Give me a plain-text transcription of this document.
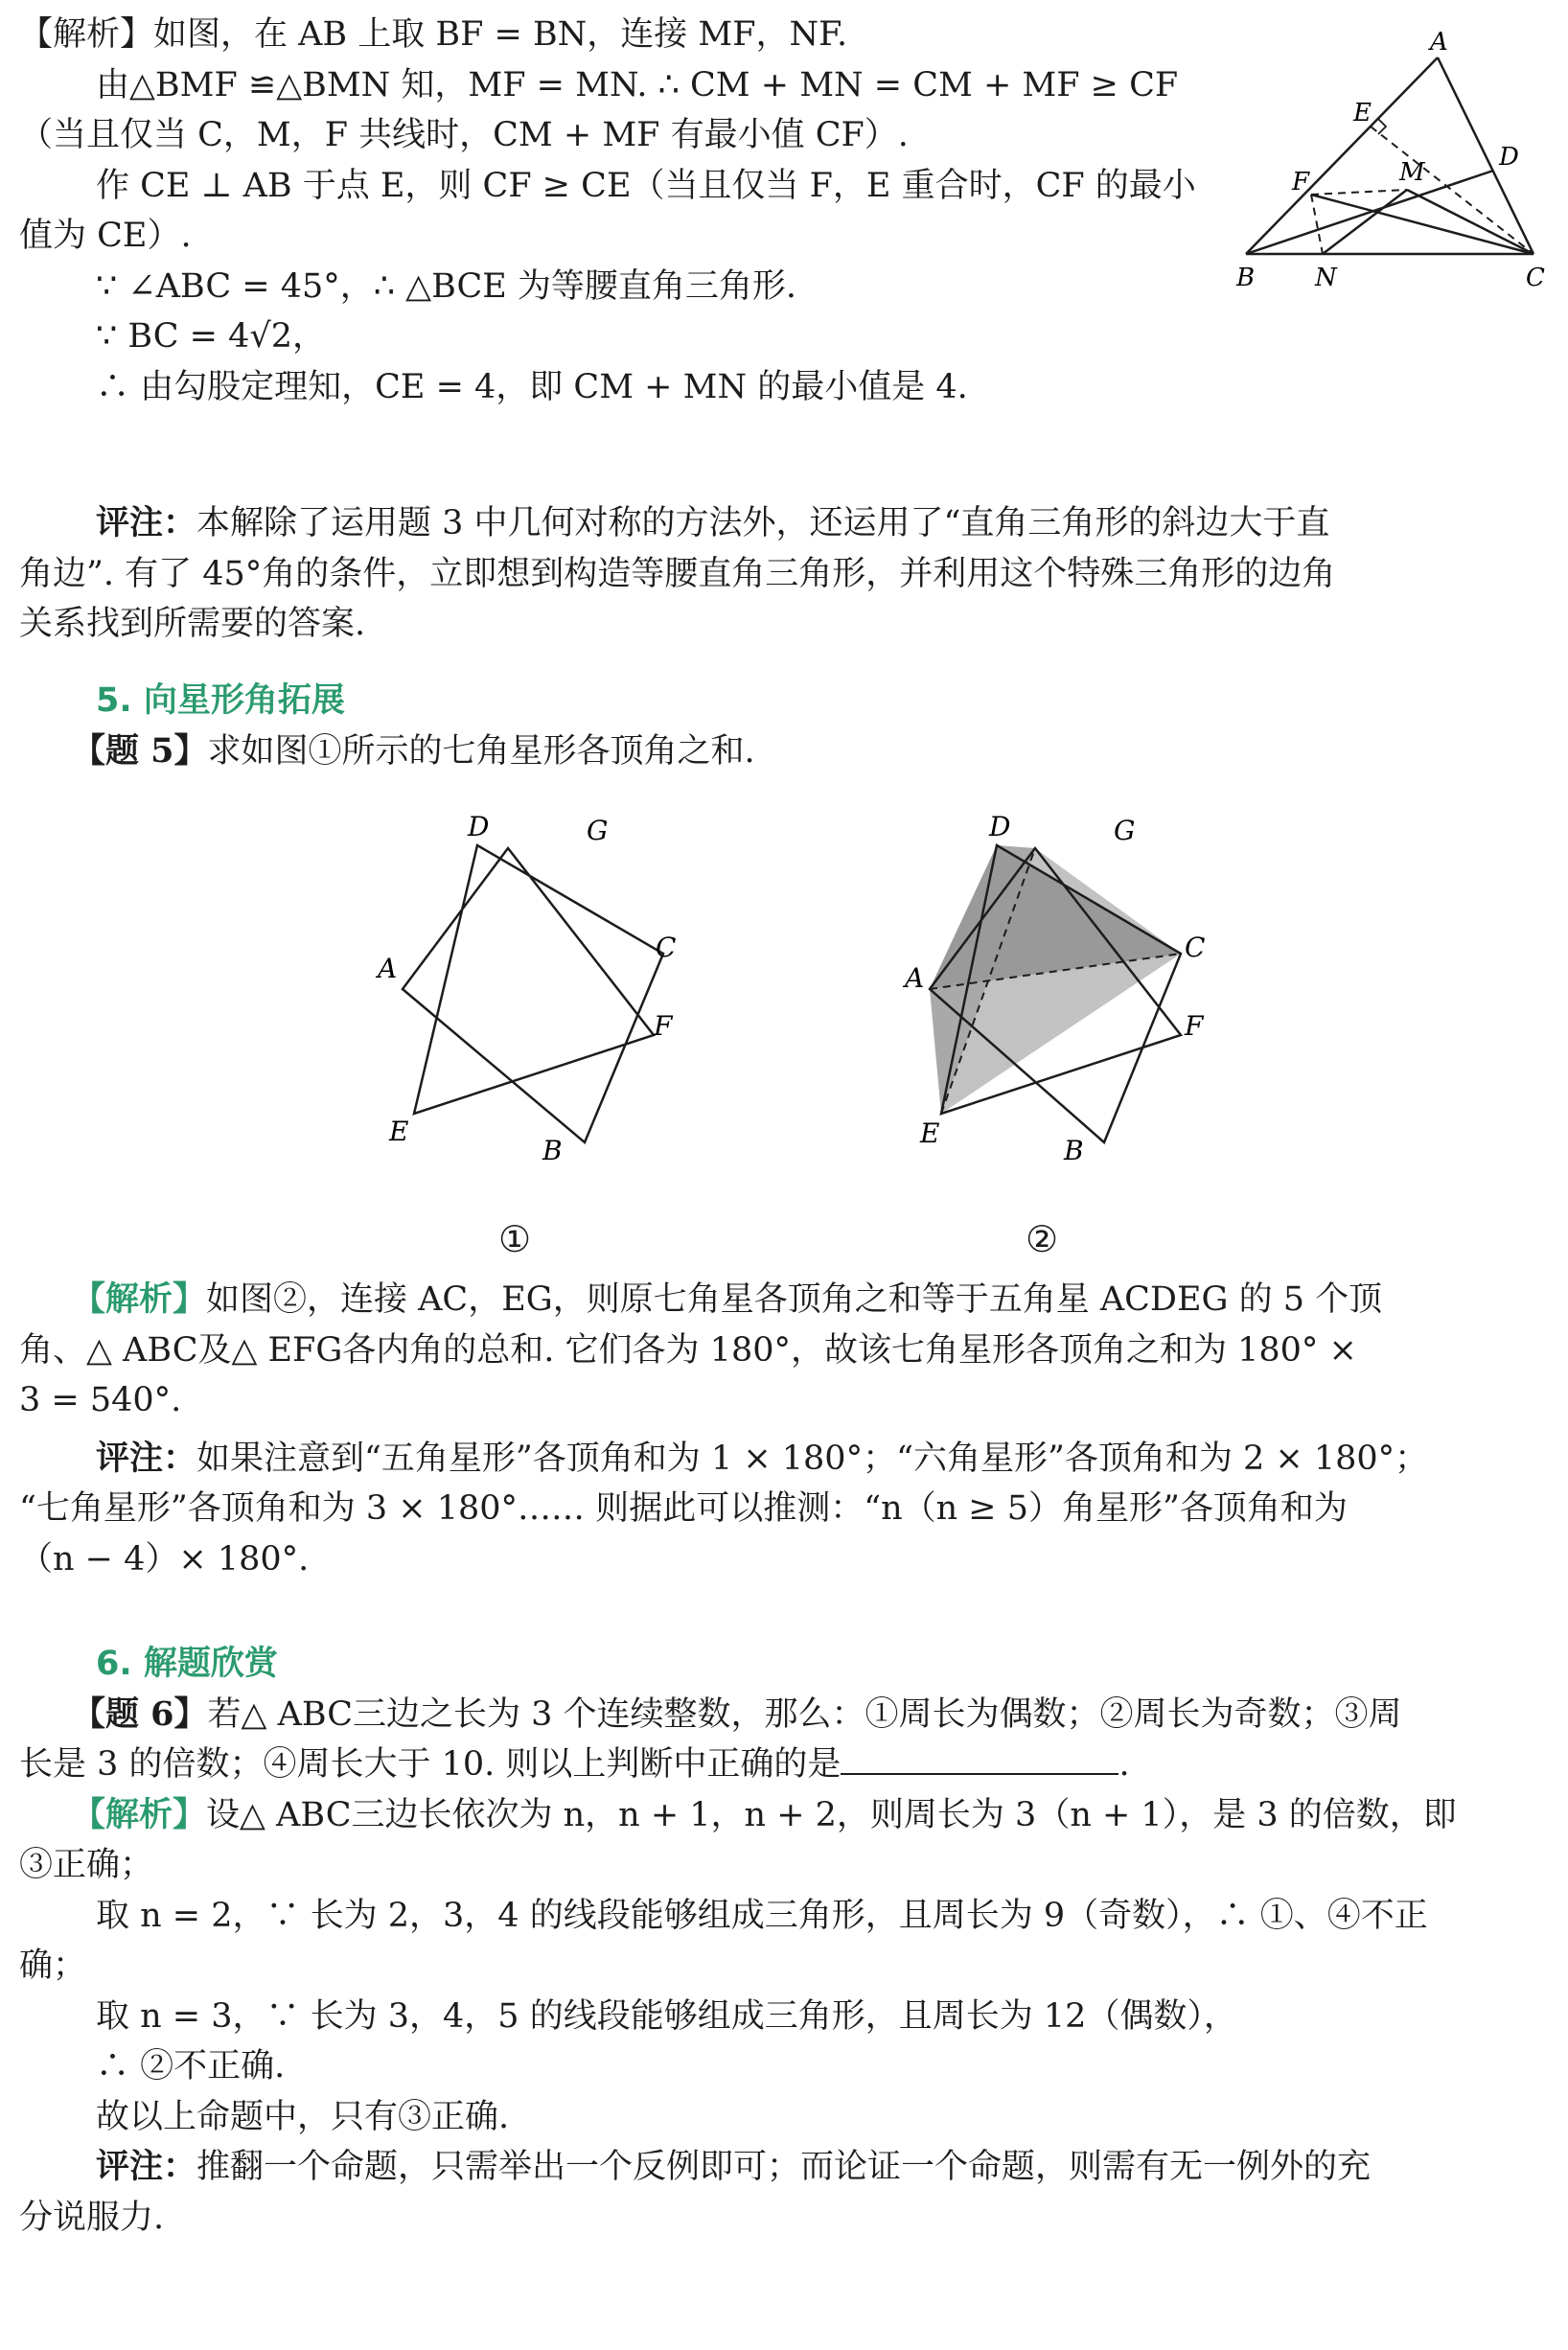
【解析】如图，在 AB 上取 BF = BN，连接 MF，NF.

由△BMF ≌△BMN 知，MF = MN. ∴ CM + MN = CM + MF ≥ CF

（当且仅当 C，M，F 共线时，CM + MF 有最小值 CF）.

作 CE ⊥ AB 于点 E，则 CF ≥ CE（当且仅当 F，E 重合时，CF 的最小

值为 CE）.

∵ ∠ABC = 45°，∴ △BCE 为等腰直角三角形.

∵ BC = 4√2，

∴ 由勾股定理知，CE = 4，即 CM + MN 的最小值是 4.

评注：本解除了运用题 3 中几何对称的方法外，还运用了“直角三角形的斜边大于直

角边”. 有了 45°角的条件，立即想到构造等腰直角三角形，并利用这个特殊三角形的边角

关系找到所需要的答案.

A
B	C
D
E
F	M
N

5. 向星形角拓展

【题 5】求如图①所示的七角星形各顶角之和.

D	G
C
A
F
E
B
D	G
C
A
F
E
B
①	②

【解析】如图②，连接 AC，EG，则原七角星各顶角之和等于五角星 ACDEG 的 5 个顶

角、△ ABC及△ EFG各内角的总和. 它们各为 180°，故该七角星形各顶角之和为 180° ×

3 = 540°.

评注：如果注意到“五角星形”各顶角和为 1 × 180°；“六角星形”各顶角和为 2 × 180°；

“七角星形”各顶角和为 3 × 180°…… 则据此可以推测：“n（n ≥ 5）角星形”各顶角和为

（n − 4）× 180°.

6. 解题欣赏

【题 6】若△ ABC三边之长为 3 个连续整数，那么：①周长为偶数；②周长为奇数；③周

长是 3 的倍数；④周长大于 10. 则以上判断中正确的是	.

【解析】设△ ABC三边长依次为 n，n + 1，n + 2，则周长为 3（n + 1），是 3 的倍数，即

③正确；

取 n = 2，∵ 长为 2，3，4 的线段能够组成三角形，且周长为 9（奇数），∴ ①、④不正

确；

取 n = 3，∵ 长为 3，4，5 的线段能够组成三角形，且周长为 12（偶数），

∴ ②不正确.

故以上命题中，只有③正确.

评注：推翻一个命题，只需举出一个反例即可；而论证一个命题，则需有无一例外的充

分说服力.
